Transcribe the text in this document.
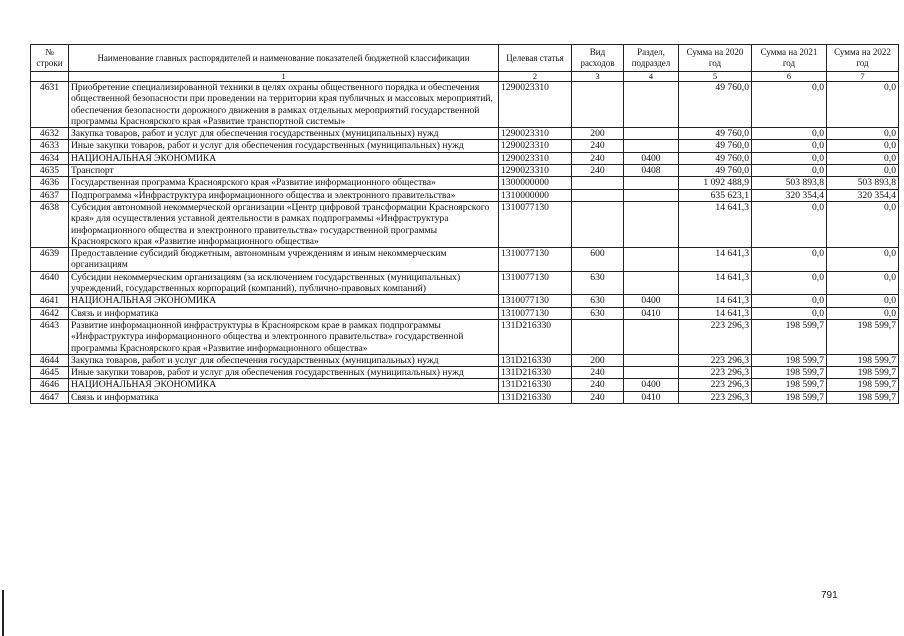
№ строки	Наименование главных распорядителей и наименование показателей бюджетной классификации	Целевая статья	Вид расходов	Раздел, подраздел	Сумма на 2020 год	Сумма на 2021 год	Сумма на 2022 год
	1	2	3	4	5	6	7
4631	Приобретение специализированной техники в целях охраны общественного порядка и обеспечения общественной безопасности при проведении на территории края публичных и массовых мероприятий, обеспечения безопасности дорожного движения в рамках отдельных мероприятий государственной программы Красноярского края «Развитие транспортной системы»	1290023310			49 760,0	0,0	0,0
4632	Закупка товаров, работ и услуг для обеспечения государственных (муниципальных) нужд	1290023310	200		49 760,0	0,0	0,0
4633	Иные закупки товаров, работ и услуг для обеспечения государственных (муниципальных) нужд	1290023310	240		49 760,0	0,0	0,0
4634	НАЦИОНАЛЬНАЯ ЭКОНОМИКА	1290023310	240	0400	49 760,0	0,0	0,0
4635	Транспорт	1290023310	240	0408	49 760,0	0,0	0,0
4636	Государственная программа Красноярского края «Развитие информационного общества»	1300000000			1 092 488,9	503 893,8	503 893,8
4637	Подпрограмма «Инфраструктура информационного общества и электронного правительства»	1310000000			635 623,1	320 354,4	320 354,4
4638	Субсидия автономной некоммерческой организации «Центр цифровой трансформации Красноярского края» для осуществления уставной деятельности в рамках подпрограммы «Инфраструктура информационного общества и электронного правительства» государственной программы Красноярского края «Развитие информационного общества»	1310077130			14 641,3	0,0	0,0
4639	Предоставление субсидий бюджетным, автономным учреждениям и иным некоммерческим организациям	1310077130	600		14 641,3	0,0	0,0
4640	Субсидии некоммерческим организациям (за исключением государственных (муниципальных) учреждений, государственных корпораций (компаний), публично-правовых компаний)	1310077130	630		14 641,3	0,0	0,0
4641	НАЦИОНАЛЬНАЯ ЭКОНОМИКА	1310077130	630	0400	14 641,3	0,0	0,0
4642	Связь и информатика	1310077130	630	0410	14 641,3	0,0	0,0
4643	Развитие информационной инфраструктуры в Красноярском крае в рамках подпрограммы «Инфраструктура информационного общества и электронного правительства» государственной программы Красноярского края «Развитие информационного общества»	131D216330			223 296,3	198 599,7	198 599,7
4644	Закупка товаров, работ и услуг для обеспечения государственных (муниципальных) нужд	131D216330	200		223 296,3	198 599,7	198 599,7
4645	Иные закупки товаров, работ и услуг для обеспечения государственных (муниципальных) нужд	131D216330	240		223 296,3	198 599,7	198 599,7
4646	НАЦИОНАЛЬНАЯ ЭКОНОМИКА	131D216330	240	0400	223 296,3	198 599,7	198 599,7
4647	Связь и информатика	131D216330	240	0410	223 296,3	198 599,7	198 599,7
791
